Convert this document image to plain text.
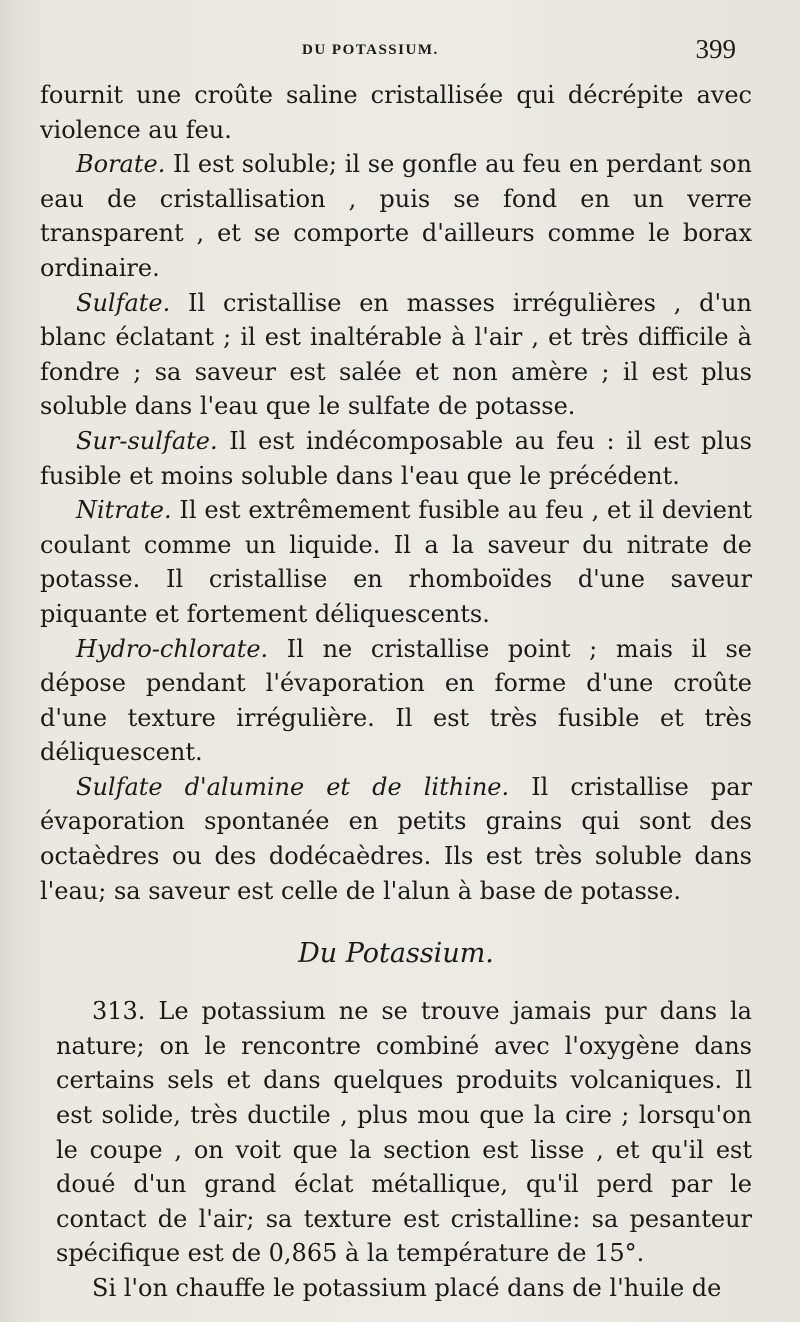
DU POTASSIUM.	399

fournit une croûte saline cristallisée qui décrépite avec violence au feu.

Borate. Il est soluble; il se gonfle au feu en perdant son eau de cristallisation , puis se fond en un verre transparent , et se comporte d'ailleurs comme le borax ordinaire.

Sulfate. Il cristallise en masses irrégulières , d'un blanc éclatant ; il est inaltérable à l'air , et très difficile à fondre ; sa saveur est salée et non amère ; il est plus soluble dans l'eau que le sulfate de potasse.

Sur-sulfate. Il est indécomposable au feu : il est plus fusible et moins soluble dans l'eau que le précédent.

Nitrate. Il est extrêmement fusible au feu , et il devient coulant comme un liquide. Il a la saveur du nitrate de potasse. Il cristallise en rhomboïdes d'une saveur piquante et fortement déliquescents.

Hydro-chlorate. Il ne cristallise point ; mais il se dépose pendant l'évaporation en forme d'une croûte d'une texture irrégulière. Il est très fusible et très déliquescent.

Sulfate d'alumine et de lithine. Il cristallise par évaporation spontanée en petits grains qui sont des octaèdres ou des dodécaèdres. Ils est très soluble dans l'eau; sa saveur est celle de l'alun à base de potasse.

Du Potassium.

313. Le potassium ne se trouve jamais pur dans la nature; on le rencontre combiné avec l'oxygène dans certains sels et dans quelques produits volcaniques. Il est solide, très ductile , plus mou que la cire ; lorsqu'on le coupe , on voit que la section est lisse , et qu'il est doué d'un grand éclat métallique, qu'il perd par le contact de l'air; sa texture est cristalline: sa pesanteur spécifique est de 0,865 à la température de 15°.

Si l'on chauffe le potassium placé dans de l'huile de
